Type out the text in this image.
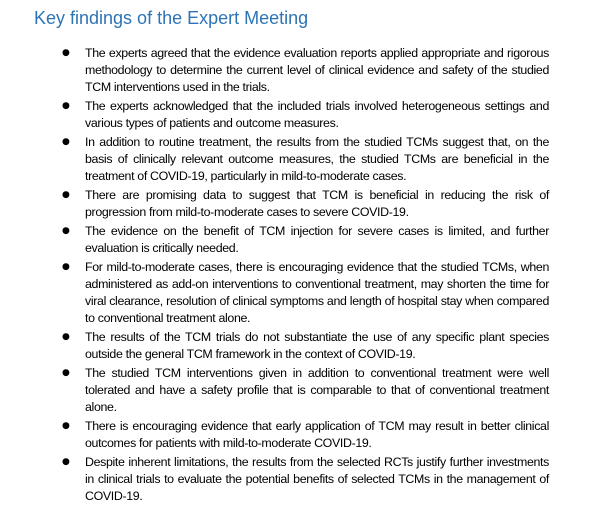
Key findings of the Expert Meeting
● The experts agreed that the evidence evaluation reports applied appropriate and rigorous methodology to determine the current level of clinical evidence and safety of the studied TCM interventions used in the trials.
● The experts acknowledged that the included trials involved heterogeneous settings and various types of patients and outcome measures.
● In addition to routine treatment, the results from the studied TCMs suggest that, on the basis of clinically relevant outcome measures, the studied TCMs are beneficial in the treatment of COVID-19, particularly in mild-to-moderate cases.
● There are promising data to suggest that TCM is beneficial in reducing the risk of progression from mild-to-moderate cases to severe COVID-19.
● The evidence on the benefit of TCM injection for severe cases is limited, and further evaluation is critically needed.
● For mild-to-moderate cases, there is encouraging evidence that the studied TCMs, when administered as add-on interventions to conventional treatment, may shorten the time for viral clearance, resolution of clinical symptoms and length of hospital stay when compared to conventional treatment alone.
● The results of the TCM trials do not substantiate the use of any specific plant species outside the general TCM framework in the context of COVID-19.
● The studied TCM interventions given in addition to conventional treatment were well tolerated and have a safety profile that is comparable to that of conventional treatment alone.
● There is encouraging evidence that early application of TCM may result in better clinical outcomes for patients with mild-to-moderate COVID-19.
● Despite inherent limitations, the results from the selected RCTs justify further investments in clinical trials to evaluate the potential benefits of selected TCMs in the management of COVID-19.
